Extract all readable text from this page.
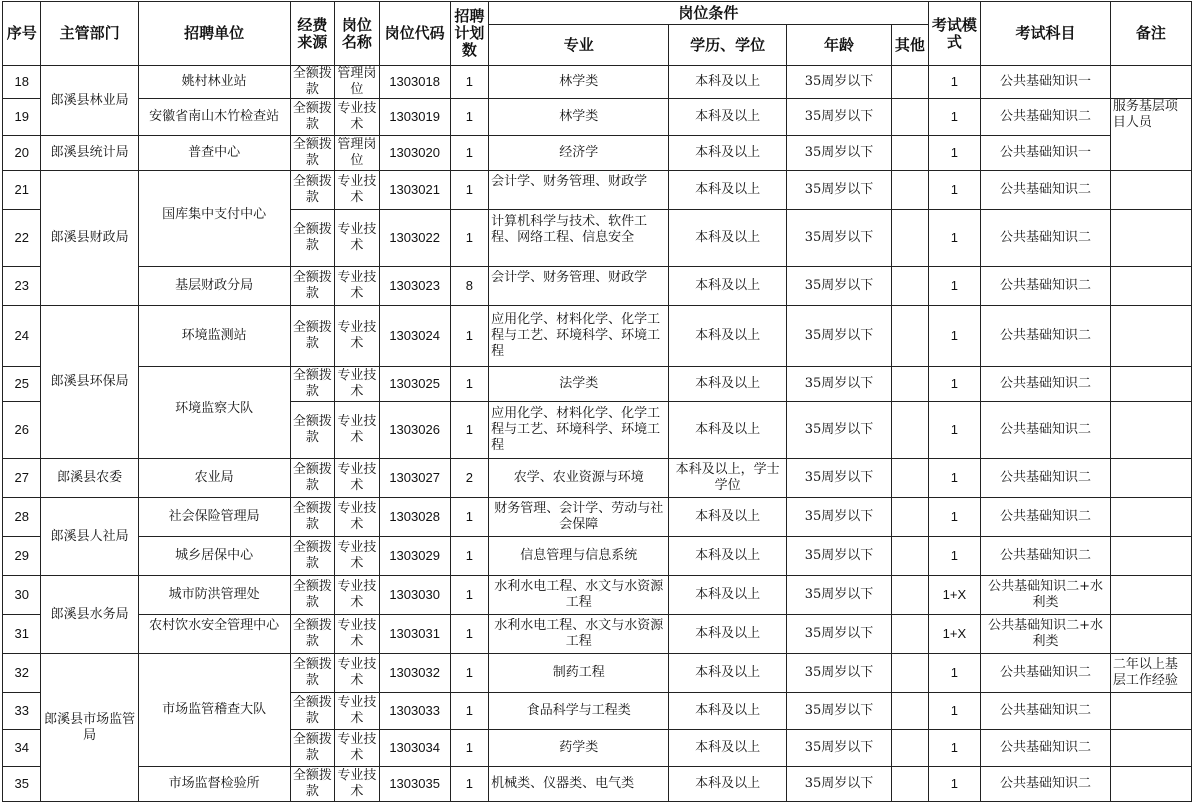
序号	主管部门	招聘单位	经费来源	岗位名称	岗位代码	招聘计划数	岗位条件				考试模式	考试科目	备注
							专业	学历、学位	年龄	其他			
18	郎溪县林业局	姚村林业站	全额拨款	管理岗位	1303018	1	林学类	本科及以上	35周岁以下		1	公共基础知识一	
19		安徽省南山木竹检查站	全额拨款	专业技术	1303019	1	林学类	本科及以上	35周岁以下		1	公共基础知识二	服务基层项目人员

20	郎溪县统计局	普查中心	全额拨款	管理岗位	1303020	1	经济学	本科及以上	35周岁以下		1	公共基础知识一	
21	郎溪县财政局	国库集中支付中心	全额拨款	专业技术	1303021	1	会计学、财务管理、财政学	本科及以上	35周岁以下		1	公共基础知识二	
22			全额拨款	专业技术	1303022	1	计算机科学与技术、软件工程、网络工程、信息安全	本科及以上	35周岁以下		1	公共基础知识二	
23		基层财政分局	全额拨款	专业技术	1303023	8	会计学、财务管理、财政学	本科及以上	35周岁以下		1	公共基础知识二	
24	郎溪县环保局	环境监测站	全额拨款	专业技术	1303024	1	应用化学、材料化学、化学工程与工艺、环境科学、环境工程	本科及以上	35周岁以下		1	公共基础知识二	
25		环境监察大队	全额拨款	专业技术	1303025	1	法学类	本科及以上	35周岁以下		1	公共基础知识二	
26			全额拨款	专业技术	1303026	1	应用化学、材料化学、化学工程与工艺、环境科学、环境工程	本科及以上	35周岁以下		1	公共基础知识二	
27	郎溪县农委	农业局	全额拨款	专业技术	1303027	2	农学、农业资源与环境	本科及以上，学士学位	35周岁以下		1	公共基础知识二	
28	郎溪县人社局	社会保险管理局	全额拨款	专业技术	1303028	1	财务管理、会计学、劳动与社会保障	本科及以上	35周岁以下		1	公共基础知识二	
29		城乡居保中心	全额拨款	专业技术	1303029	1	信息管理与信息系统	本科及以上	35周岁以下		1	公共基础知识二	
30	郎溪县水务局	城市防洪管理处	全额拨款	专业技术	1303030	1	水利水电工程、水文与水资源工程	本科及以上	35周岁以下		1+X	公共基础知识二+水利类	

31		农村饮水安全管理中心	全额拨款	专业技术	1303031	1	水利水电工程、水文与水资源工程	本科及以上	35周岁以下		1+X	公共基础知识二+水利类	

32	郎溪县市场监管局	市场监管稽查大队	全额拨款	专业技术	1303032	1	制药工程	本科及以上	35周岁以下		1	公共基础知识二	二年以上基层工作经验

33			全额拨款	专业技术	1303033	1	食品科学与工程类	本科及以上	35周岁以下		1	公共基础知识二	
34			全额拨款	专业技术	1303034	1	药学类	本科及以上	35周岁以下		1	公共基础知识二	
35		市场监督检验所	全额拨款	专业技术	1303035	1	机械类、仪器类、电气类	本科及以上	35周岁以下		1	公共基础知识二	
